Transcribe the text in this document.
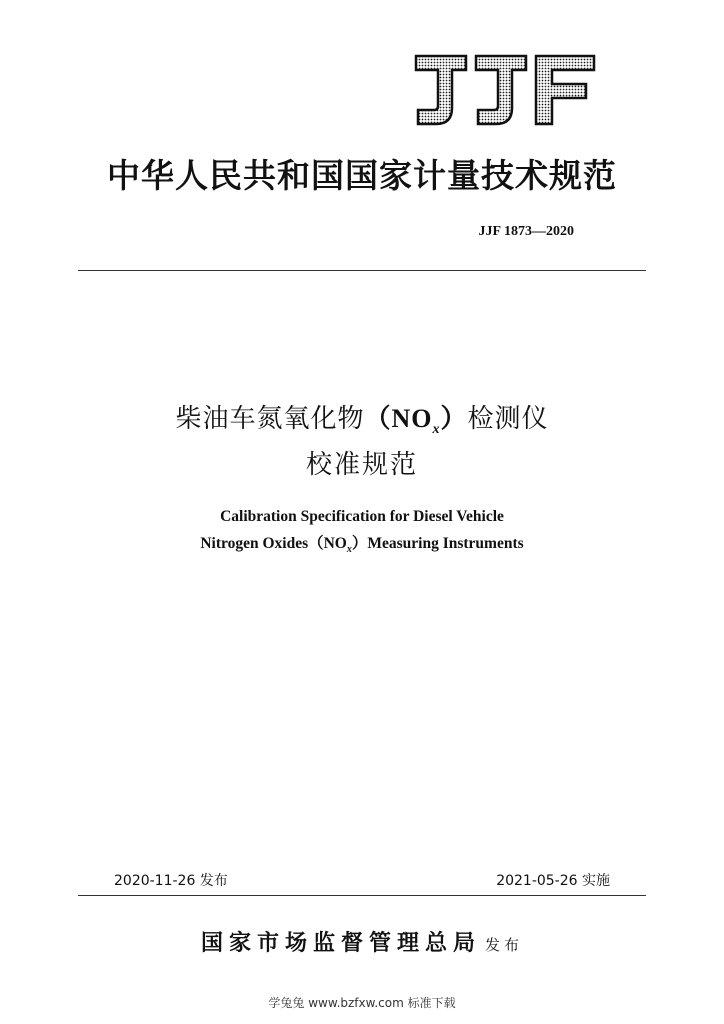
JJF
中华人民共和国国家计量技术规范
JJF 1873—2020
柴油车氮氧化物$(NO_x)$检测仪
校准规范
Calibration Specification for Diesel Vehicle
Nitrogen $Oxides(NO_x)Measuring$ Instruments
2020-11-26 发布	2021-05-26 实施
国家市场监督管理总局 发布
学兔兔 www.bzfxw.com 标准下载
